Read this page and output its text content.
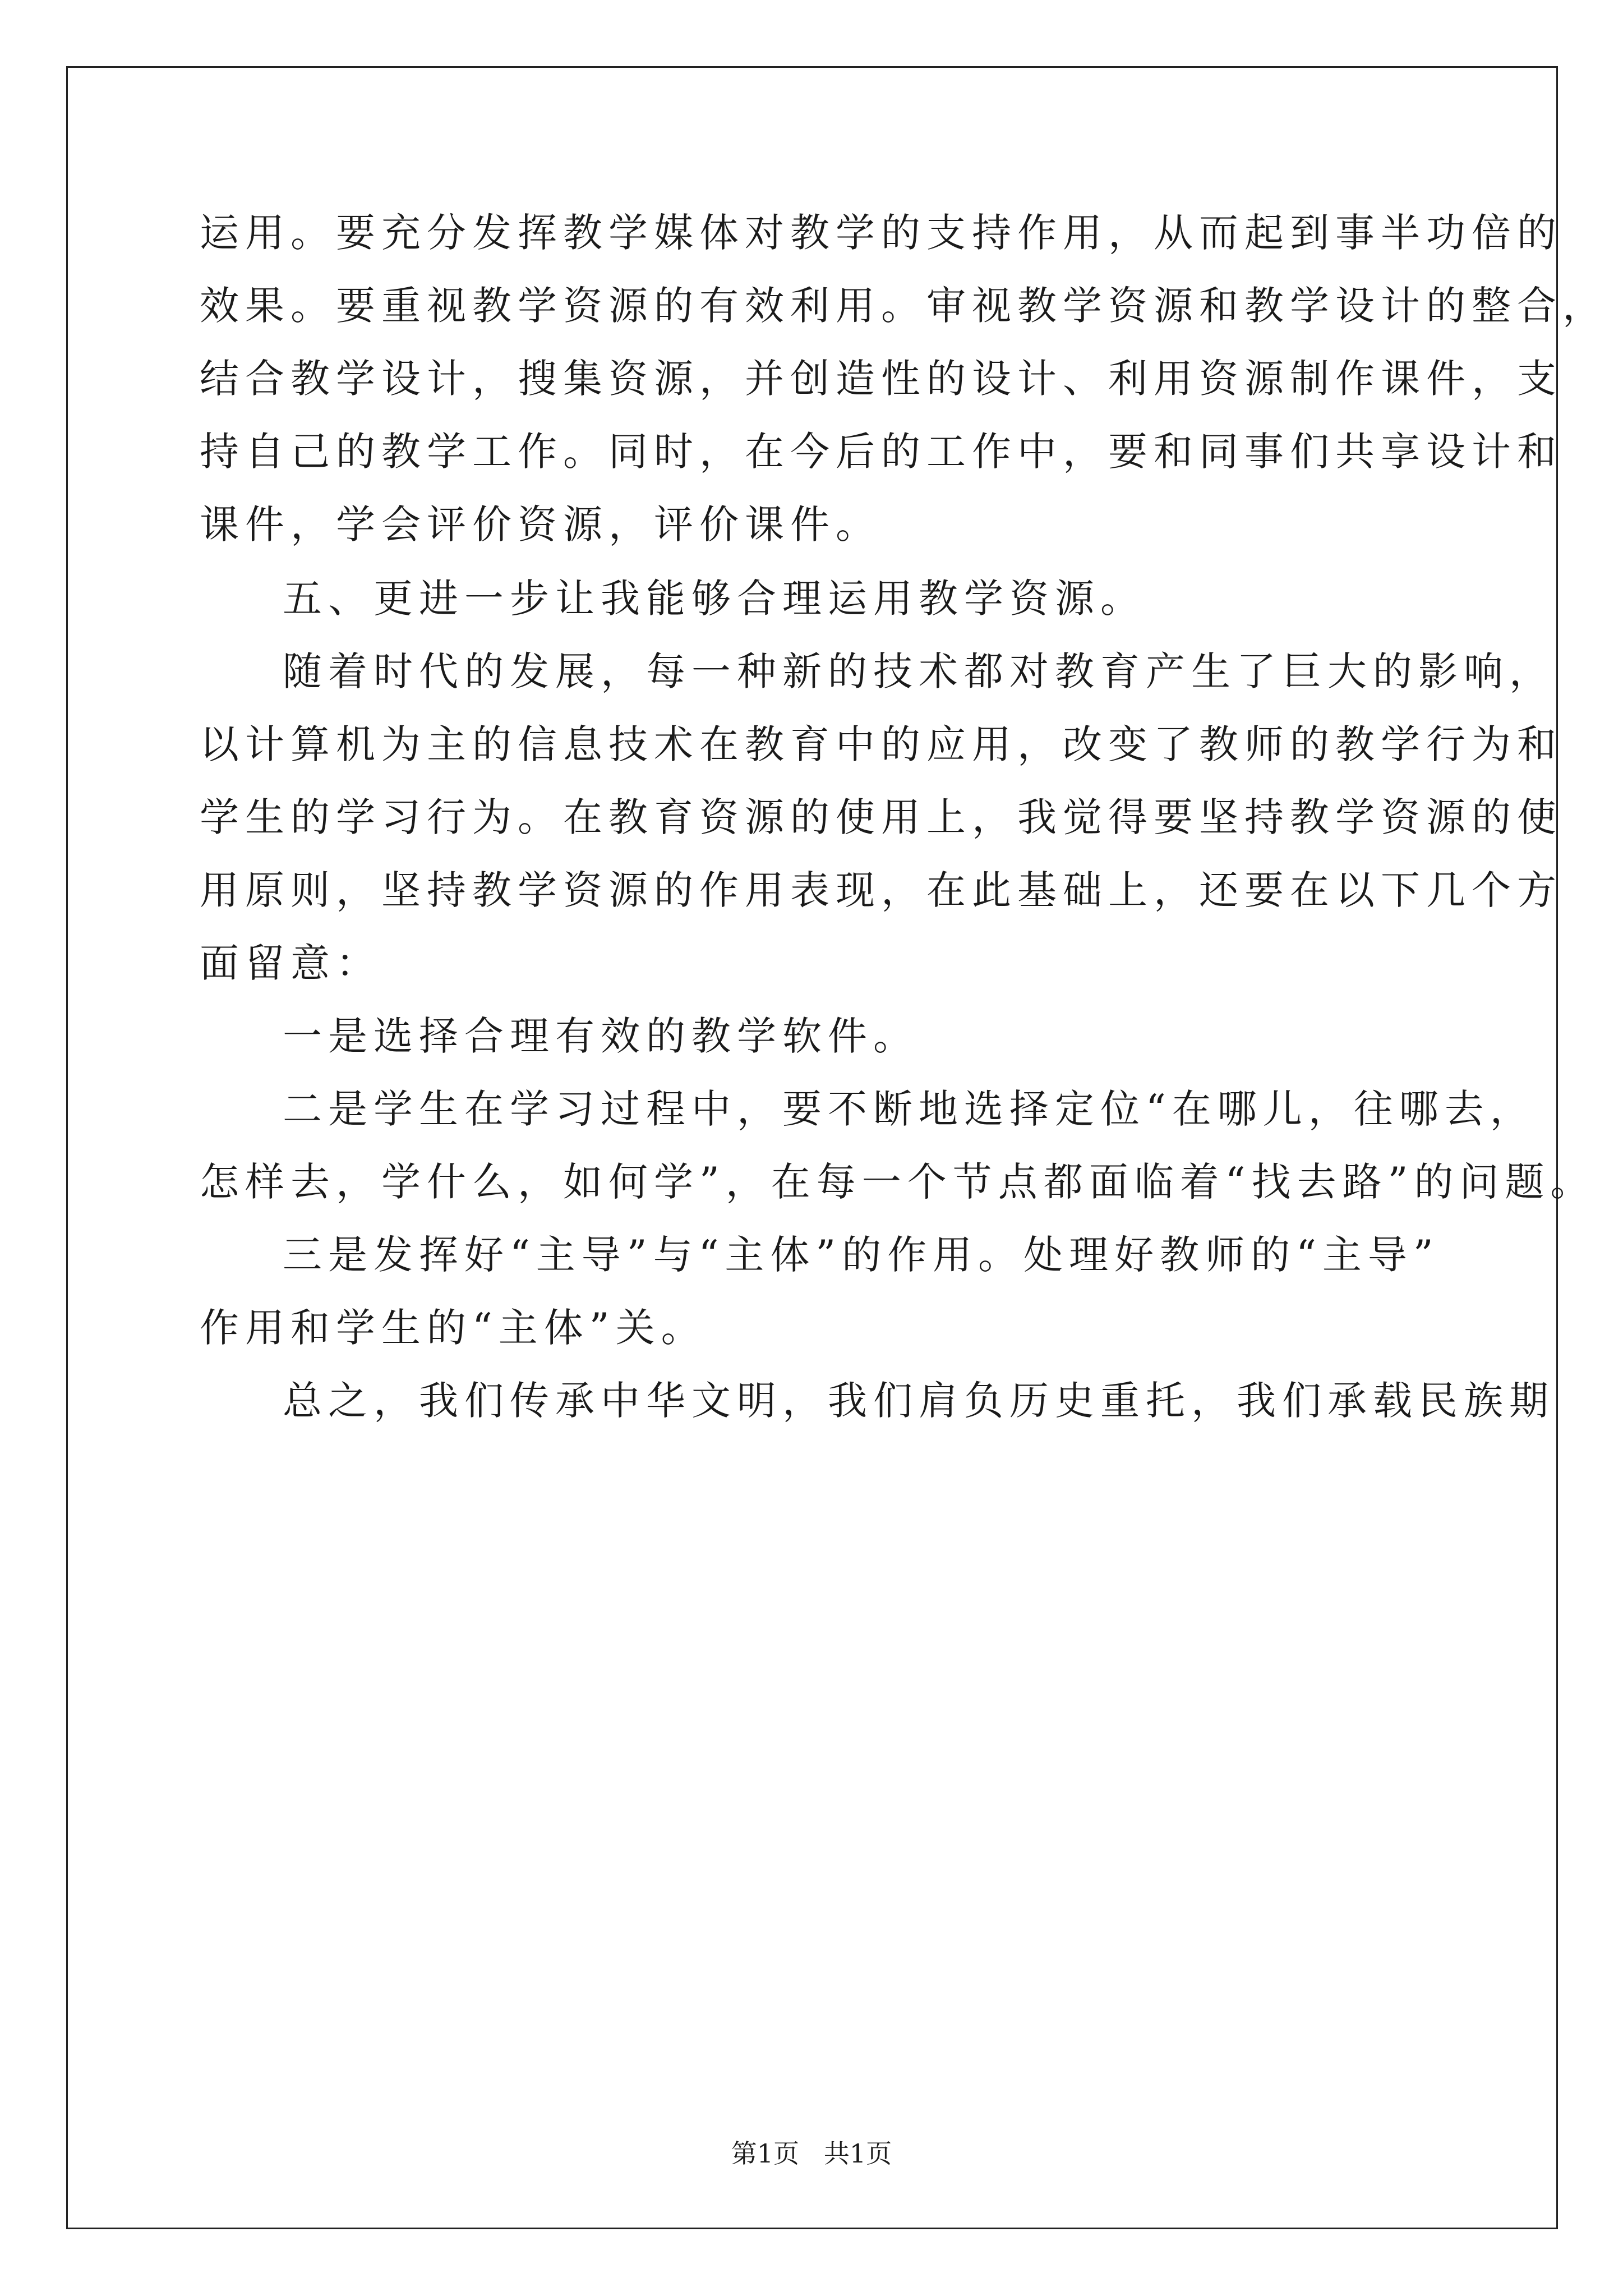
运用。要充分发挥教学媒体对教学的支持作用，从而起到事半功倍的
效果。要重视教学资源的有效利用。审视教学资源和教学设计的整合，
结合教学设计，搜集资源，并创造性的设计、利用资源制作课件，支
持自己的教学工作。同时，在今后的工作中，要和同事们共享设计和
课件，学会评价资源，评价课件。
五、更进一步让我能够合理运用教学资源。
随着时代的发展，每一种新的技术都对教育产生了巨大的影响，
以计算机为主的信息技术在教育中的应用，改变了教师的教学行为和
学生的学习行为。在教育资源的使用上，我觉得要坚持教学资源的使
用原则，坚持教学资源的作用表现，在此基础上，还要在以下几个方
面留意：
一是选择合理有效的教学软件。
二是学生在学习过程中，要不断地选择定位“在哪儿，往哪去，
怎样去，学什么，如何学”，在每一个节点都面临着“找去路”的问题。
三是发挥好“主导”与“主体”的作用。处理好教师的“主导”
作用和学生的“主体”关。
总之，我们传承中华文明，我们肩负历史重托，我们承载民族期
第1页   共1页
